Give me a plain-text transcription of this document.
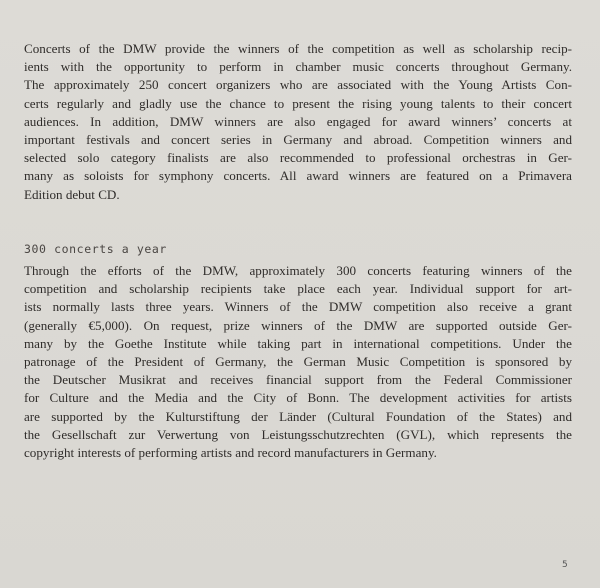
Concerts of the DMW provide the winners of the competition as well as scholarship recip-
ients with the opportunity to perform in chamber music concerts throughout Germany.
The approximately 250 concert organizers who are associated with the Young Artists Con-
certs regularly and gladly use the chance to present the rising young talents to their concert
audiences. In addition, DMW winners are also engaged for award winners’ concerts at
important festivals and concert series in Germany and abroad. Competition winners and
selected solo category finalists are also recommended to professional orchestras in Ger-
many as soloists for symphony concerts. All award winners are featured on a Primavera
Edition debut CD.
300 concerts a year
Through the efforts of the DMW, approximately 300 concerts featuring winners of the
competition and scholarship recipients take place each year. Individual support for art-
ists normally lasts three years. Winners of the DMW competition also receive a grant
(generally €5,000). On request, prize winners of the DMW are supported outside Ger-
many by the Goethe Institute while taking part in international competitions. Under the
patronage of the President of Germany, the German Music Competition is sponsored by
the Deutscher Musikrat and receives financial support from the Federal Commissioner
for Culture and the Media and the City of Bonn. The development activities for artists
are supported by the Kulturstiftung der Länder (Cultural Foundation of the States) and
the Gesellschaft zur Verwertung von Leistungsschutzrechten (GVL), which represents the
copyright interests of performing artists and record manufacturers in Germany.
5
